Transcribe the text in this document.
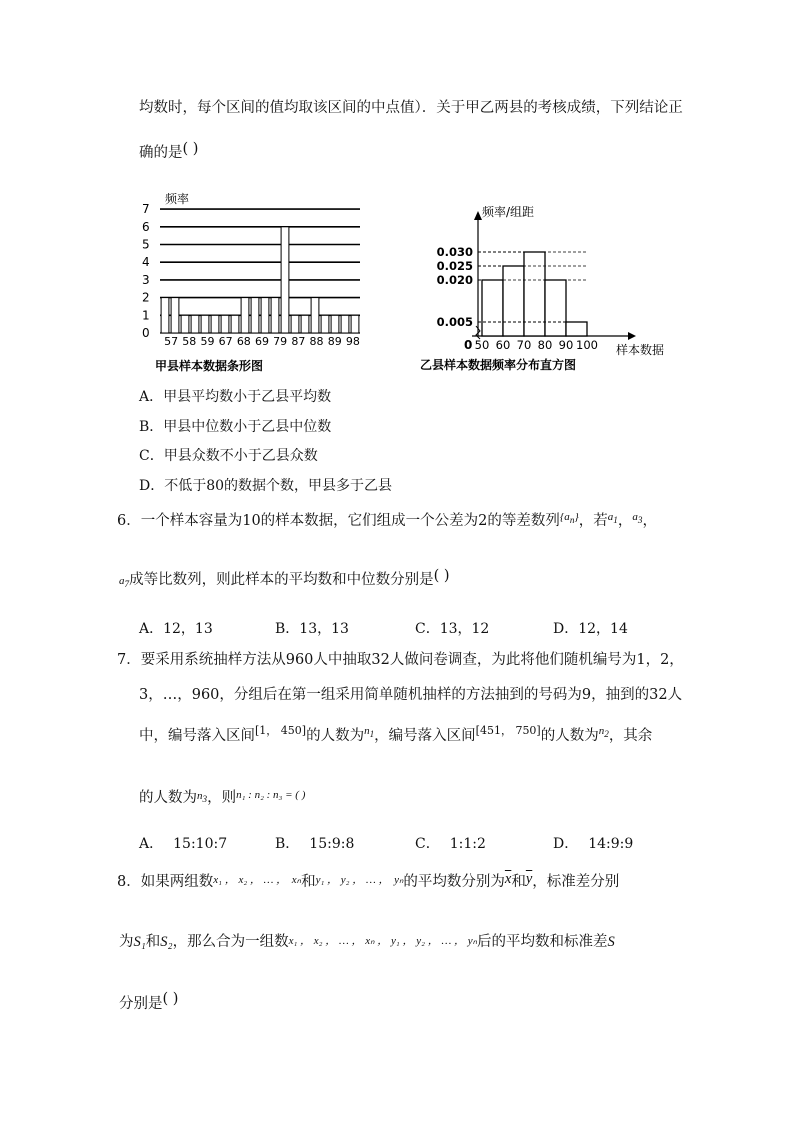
均数时，每个区间的值均取该区间的中点值）．关于甲乙两县的考核成绩，下列结论正
确的是( )
频率
0
1
2
3
4
5
6
7
57 58 59 67 68 69 79 87 88 89 98
甲县样本数据条形图
频率/组距
0.005
0.020
0.025
0.030
50 60 70 80 90 100 样本数据
0
乙县样本数据频率分布直方图
A．甲县平均数小于乙县平均数
B．甲县中位数小于乙县中位数
C．甲县众数不小于乙县众数
D．不低于80的数据个数，甲县多于乙县
6．一个样本容量为10的样本数据，它们组成一个公差为2的等差数列$^{\{a_n\}}$，若$^{a_1}$，$^{a_3}$，
$a_7$成等比数列，则此样本的平均数和中位数分别是( )
A．12，13	B．13，13	C．13，12	D．12，14
7．要采用系统抽样方法从960人中抽取32人做问卷调查，为此将他们随机编号为1，2，
3，…，960，分组后在第一组采用简单随机抽样的方法抽到的号码为9，抽到的32人
中，编号落入区间[1， 450]的人数为$^{n_1}$，编号落入区间[451， 750]的人数为$^{n_2}$，其余
的人数为$^{n_3}$，则$^{n_1 : n_2 : n_3 = ( )}$
A． 15:10:7	B． 15:9:8	C． 1:1:2	D． 14:9:9
8．如果两组数$^{x_1 , x_2 , \dots ,}$ $^{x_n}$和$^{y_1 , y_2 , \dots ,}$ $^{y_n}$的平均数分别为$\overline{x}$和$\overline{y}$，标准差分别
为S₁和S₂，那么合为一组数x₁ ， x₂ ， … ， xₙ ， y₁ ， y₂ ， … ， yₙ后的平均数和标准差S
分别是( )
